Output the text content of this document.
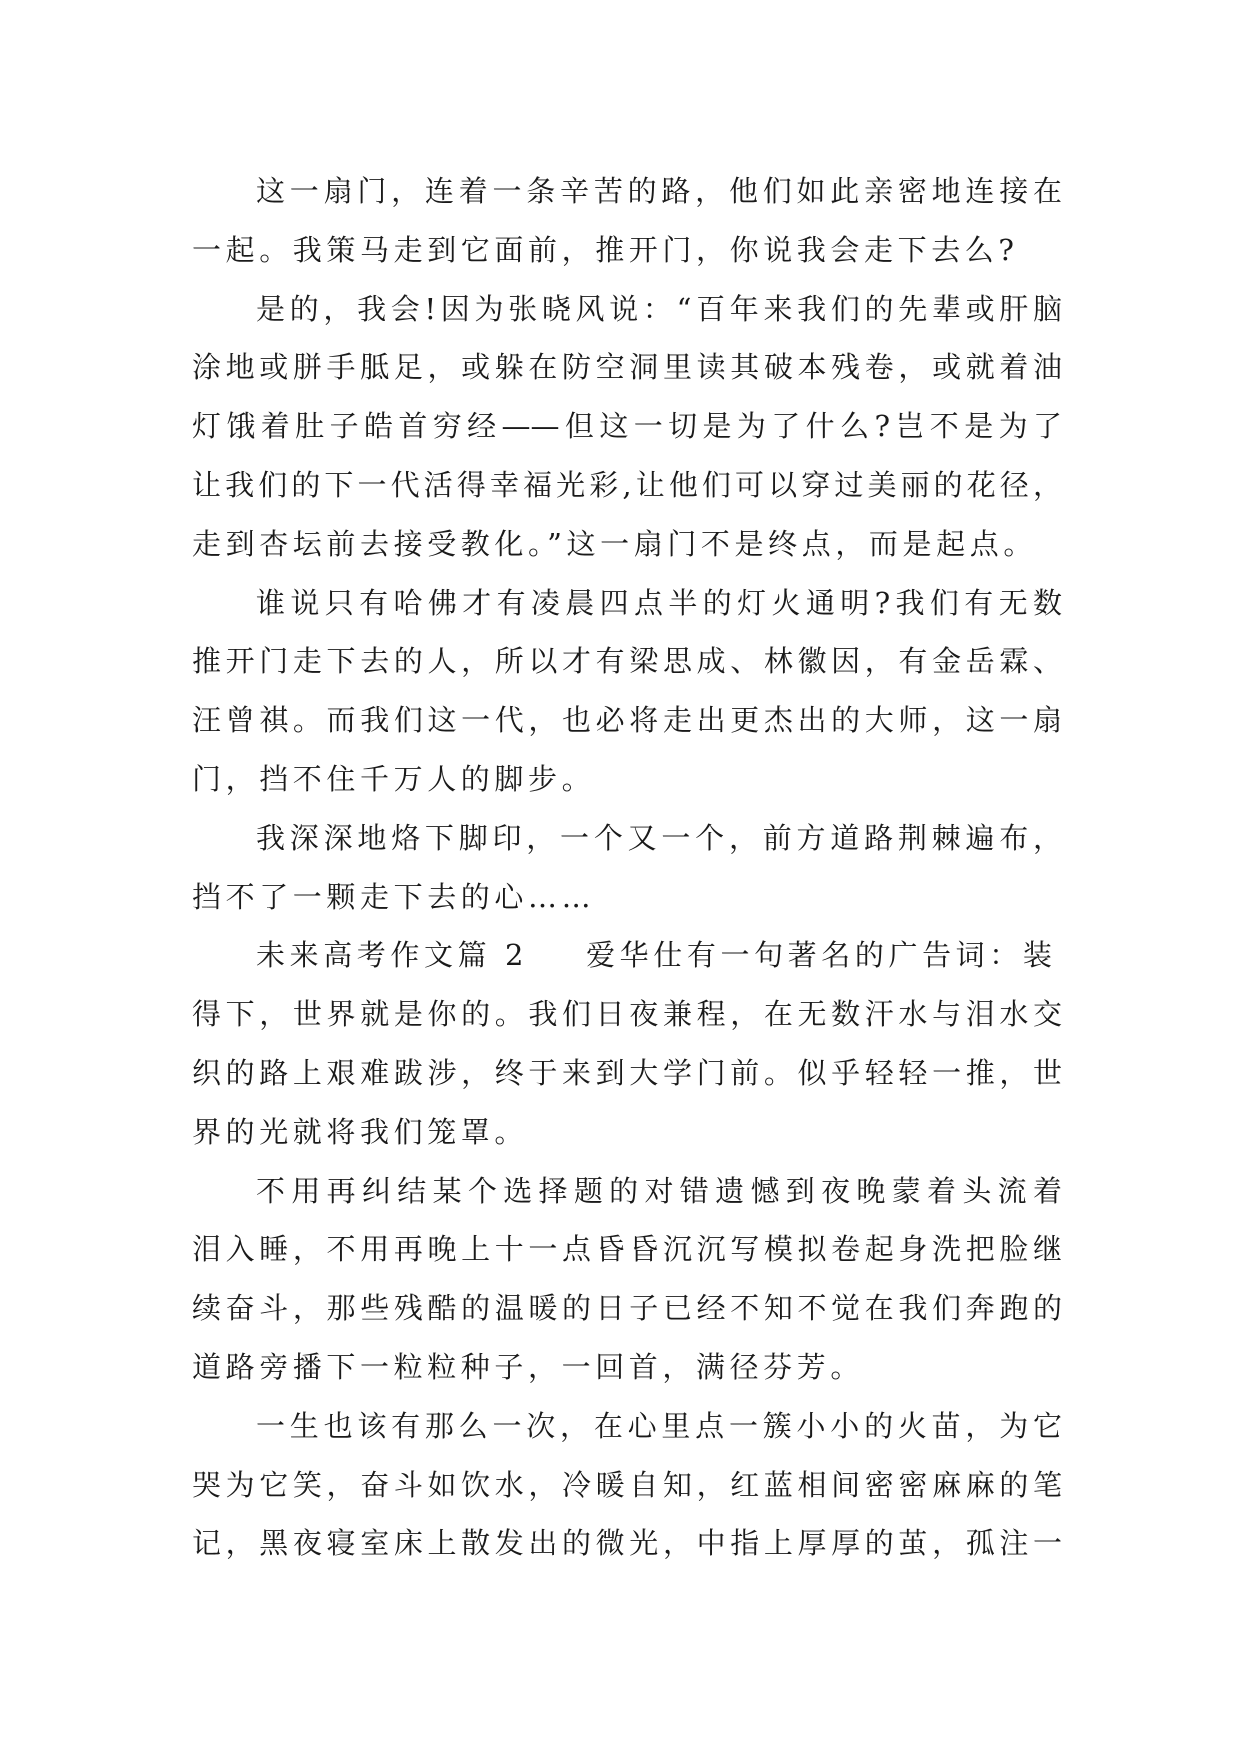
这一扇门，连着一条辛苦的路，他们如此亲密地连接在
一起。我策马走到它面前，推开门，你说我会走下去么?
是的，我会!因为张晓风说：“百年来我们的先辈或肝脑
涂地或胼手胝足，或躲在防空洞里读其破本残卷，或就着油
灯饿着肚子皓首穷经——但这一切是为了什么?岂不是为了
让我们的下一代活得幸福光彩,让他们可以穿过美丽的花径，
走到杏坛前去接受教化。”这一扇门不是终点，而是起点。
谁说只有哈佛才有凌晨四点半的灯火通明?我们有无数
推开门走下去的人，所以才有梁思成、林徽因，有金岳霖、
汪曾祺。而我们这一代，也必将走出更杰出的大师，这一扇
门，挡不住千万人的脚步。
我深深地烙下脚印，一个又一个，前方道路荆棘遍布，
挡不了一颗走下去的心……
未来高考作文篇 2 爱华仕有一句著名的广告词：装
得下，世界就是你的。我们日夜兼程，在无数汗水与泪水交
织的路上艰难跋涉，终于来到大学门前。似乎轻轻一推，世
界的光就将我们笼罩。
不用再纠结某个选择题的对错遗憾到夜晚蒙着头流着
泪入睡，不用再晚上十一点昏昏沉沉写模拟卷起身洗把脸继
续奋斗，那些残酷的温暖的日子已经不知不觉在我们奔跑的
道路旁播下一粒粒种子，一回首，满径芬芳。
一生也该有那么一次，在心里点一簇小小的火苗，为它
哭为它笑，奋斗如饮水，冷暖自知，红蓝相间密密麻麻的笔
记，黑夜寝室床上散发出的微光，中指上厚厚的茧，孤注一
